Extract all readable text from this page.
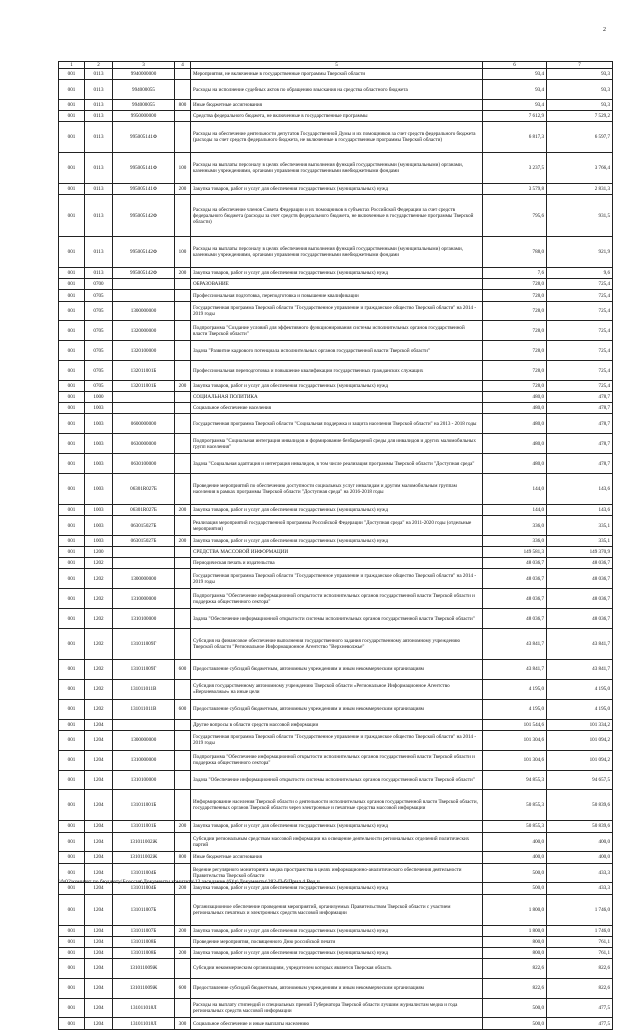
2
1	2	3	4	5	6	7
001	0113	9940000000		Мероприятия, не включенные в государственные программы Тверской области	93,4	93,3
001	0113	994000055		Расходы на исполнение судебных актов по обращению взыскания на средства областного бюджета	93,4	93,3
001	0113	994000055	800	Иные бюджетные ассигнования	93,4	93,3
001	0113	9950000000		Средства федерального бюджета, не включенные в государственные программы	7 612,9	7 529,2
001	0113	995005141Ф		Расходы на обеспечение деятельности депутатов Государственной Думы и их помощников за счет средств федерального бюджета (расходы за счет средств федерального бюджета, не включенные в государственные программы Тверской области)	6 817,3	6 597,7
001	0113	995005141Ф	100	Расходы на выплаты персоналу в целях обеспечения выполнения функций государственными (муниципальными) органами, казенными учреждениями, органами управления государственными внебюджетными фондами	3 237,5	3 766,4
001	0113	995005141Ф	200	Закупка товаров, работ и услуг для обеспечения государственных (муниципальных) нужд	3 579,8	2 831,3
001	0113	995005142Ф		Расходы на обеспечение членов Совета Федерации и их помощников в субъектах Российской Федерации за счет средств федерального бюджета (расходы за счет средств федерального бюджета, не включенные в государственные программы Тверской области)	795,6	931,5
001	0113	995005142Ф	100	Расходы на выплаты персоналу в целях обеспечения выполнения функций государственными (муниципальными) органами, казенными учреждениями, органами управления государственными внебюджетными фондами	788,0	921,9
001	0113	995005142Ф	200	Закупка товаров, работ и услуг для обеспечения государственных (муниципальных) нужд	7,6	9,6
001	0700			ОБРАЗОВАНИЕ	728,0	725,4
001	0705			Профессиональная подготовка, переподготовка и повышение квалификации	728,0	725,4
001	0705	1300000000		Государственная программа Тверской области "Государственное управление и гражданское общество Тверской области" на 2014 - 2019 годы	728,0	725,4
001	0705	1320000000		Подпрограмма "Создание условий для эффективного функционирования системы исполнительных органов государственной власти Тверской области"	728,0	725,4
001	0705	1320100000		Задача "Развитие кадрового потенциала исполнительных органов государственной власти Тверской области"	728,0	725,4
001	0705	132011001Б		Профессиональная переподготовка и повышение квалификации государственных гражданских служащих	728,0	725,4
001	0705	132011001Б	200	Закупка товаров, работ и услуг для обеспечения государственных (муниципальных) нужд	728,0	725,4
001	1000			СОЦИАЛЬНАЯ ПОЛИТИКА	480,0	478,7
001	1003			Социальное обеспечение населения	480,0	478,7
001	1003	0600000000		Государственная программа Тверской области "Социальная поддержка и защита населения Тверской области" на 2013 - 2018 годы	480,0	478,7
001	1003	0630000000		Подпрограмма "Социальная интеграция инвалидов и формирование безбарьерной среды для инвалидов и других маломобильных групп населения"	480,0	478,7
001	1003	0630100000		Задача "Социальная адаптация и интеграция инвалидов, в том числе реализация программы Тверской области "Доступная среда"	480,0	478,7
001	1003	06301R027Б		Проведение мероприятий по обеспечению доступности социальных услуг инвалидам и другим маломобильным группам населения в рамках программы Тверской области "Доступная среда" на 2016-2018 годы	144,0	143,6
001	1003	06301R027Б	200	Закупка товаров, работ и услуг для обеспечения государственных (муниципальных) нужд	144,0	143,6
001	1003	063015027Б		Реализация мероприятий государственной программы Российской Федерации "Доступная среда" на 2011-2020 годы (отдельные мероприятия)	336,0	335,1
001	1003	063015027Б	200	Закупка товаров, работ и услуг для обеспечения государственных (муниципальных) нужд	336,0	335,1
001	1200			СРЕДСТВА МАССОВОЙ ИНФОРМАЦИИ	149 581,3	149 370,9
001	1202			Периодическая печать и издательства	48 036,7	48 036,7
001	1202	1300000000		Государственная программа Тверской области "Государственное управление и гражданское общество Тверской области" на 2014 - 2019 годы	48 036,7	48 036,7
001	1202	1310000000		Подпрограмма "Обеспечение информационной открытости исполнительных органов государственной власти Тверской области и поддержка общественного сектора"	48 036,7	48 036,7
001	1202	1310100000		Задача "Обеспечение информационной открытости системы исполнительных органов государственной власти Тверской области"	48 036,7	48 036,7
001	1202	131011009Г		Субсидия на финансовое обеспечение выполнения государственного задания государственному автономному учреждению Тверской области "Региональное Информационное Агентство "Верхневолжье"	43 841,7	43 841,7
001	1202	131011009Г	600	Предоставление субсидий бюджетным, автономным учреждениям и иным некоммерческим организациям	43 841,7	43 841,7
001	1202	131011011В		Субсидия государственному автономному учреждению Тверской области «Региональное Информационное Агентство «Верхневолжье» на иные цели	4 195,0	4 195,0
001	1202	131011011В	600	Предоставление субсидий бюджетным, автономным учреждениям и иным некоммерческим организациям	4 195,0	4 195,0
001	1204			Другие вопросы в области средств массовой информации	101 544,6	101 334,2
001	1204	1300000000		Государственная программа Тверской области "Государственное управление и гражданское общество Тверской области" на 2014 - 2019 годы	101 304,6	101 094,2
001	1204	1310000000		Подпрограмма "Обеспечение информационной открытости исполнительных органов государственной власти Тверской области и поддержка общественного сектора"	101 304,6	101 094,2
001	1204	1310100000		Задача "Обеспечение информационной открытости системы исполнительных органов государственной власти Тверской области"	94 855,3	94 657,5
001	1204	131011001Б		Информирование населения Тверской области о деятельности исполнительных органов государственной власти Тверской области, государственных органов Тверской области через электронные и печатные средства массовой информации	50 855,3	50 839,6
001	1204	131011001Б	200	Закупка товаров, работ и услуг для обеспечения государственных (муниципальных) нужд	50 855,3	50 839,6
001	1204	131011002Ж		Субсидии региональным средствам массовой информации на освещение деятельности региональных отделений политических партий	400,0	400,0
001	1204	131011002Ж	800	Иные бюджетные ассигнования	400,0	400,0
001	1204	131011004Б		Ведение регулярного мониторинга медиа пространства в целях информационно-аналитического обеспечения деятельности Правительства Тверской области	500,0	433,3
001	1204	131011004Б	200	Закупка товаров, работ и услуг для обеспечения государственных (муниципальных) нужд	500,0	433,3
001	1204	131011007Б		Организационное обеспечение проведения мероприятий, организуемых Правительством Тверской области с участием региональных печатных и электронных средств массовой информации	1 800,0	1 746,0
001	1204	131011007Б	200	Закупка товаров, работ и услуг для обеспечения государственных (муниципальных) нужд	1 800,0	1 746,0
001	1204	131011008Б		Проведение мероприятия, посвященного Дню российской печати	800,0	761,1
001	1204	131011008Б	200	Закупка товаров, работ и услуг для обеспечения государственных (муниципальных) нужд	800,0	761,1
001	1204	131011009Ж		Субсидии некоммерческим организациям, учредителем которых является Тверская область	822,6	822,6
001	1204	131011009Ж	600	Предоставление субсидий бюджетным, автономным учреждениям и иным некоммерческим организациям	822,6	822,6
001	1204	131011018Л		Расходы на выплату стипендий и специальных премий Губернатора Тверской области лучшим журналистам медиа и года региональных средств массовой информации	500,0	477,5
001	1204	131011018Л	300	Социальное обеспечение и иные выплаты населению	500,0	477,5
\\fs02\комитет по бюджету\Бсессия\Документы комитета\13 заседание (6)\р\Документы\282-П-б\Прил 4 Вед.ч
